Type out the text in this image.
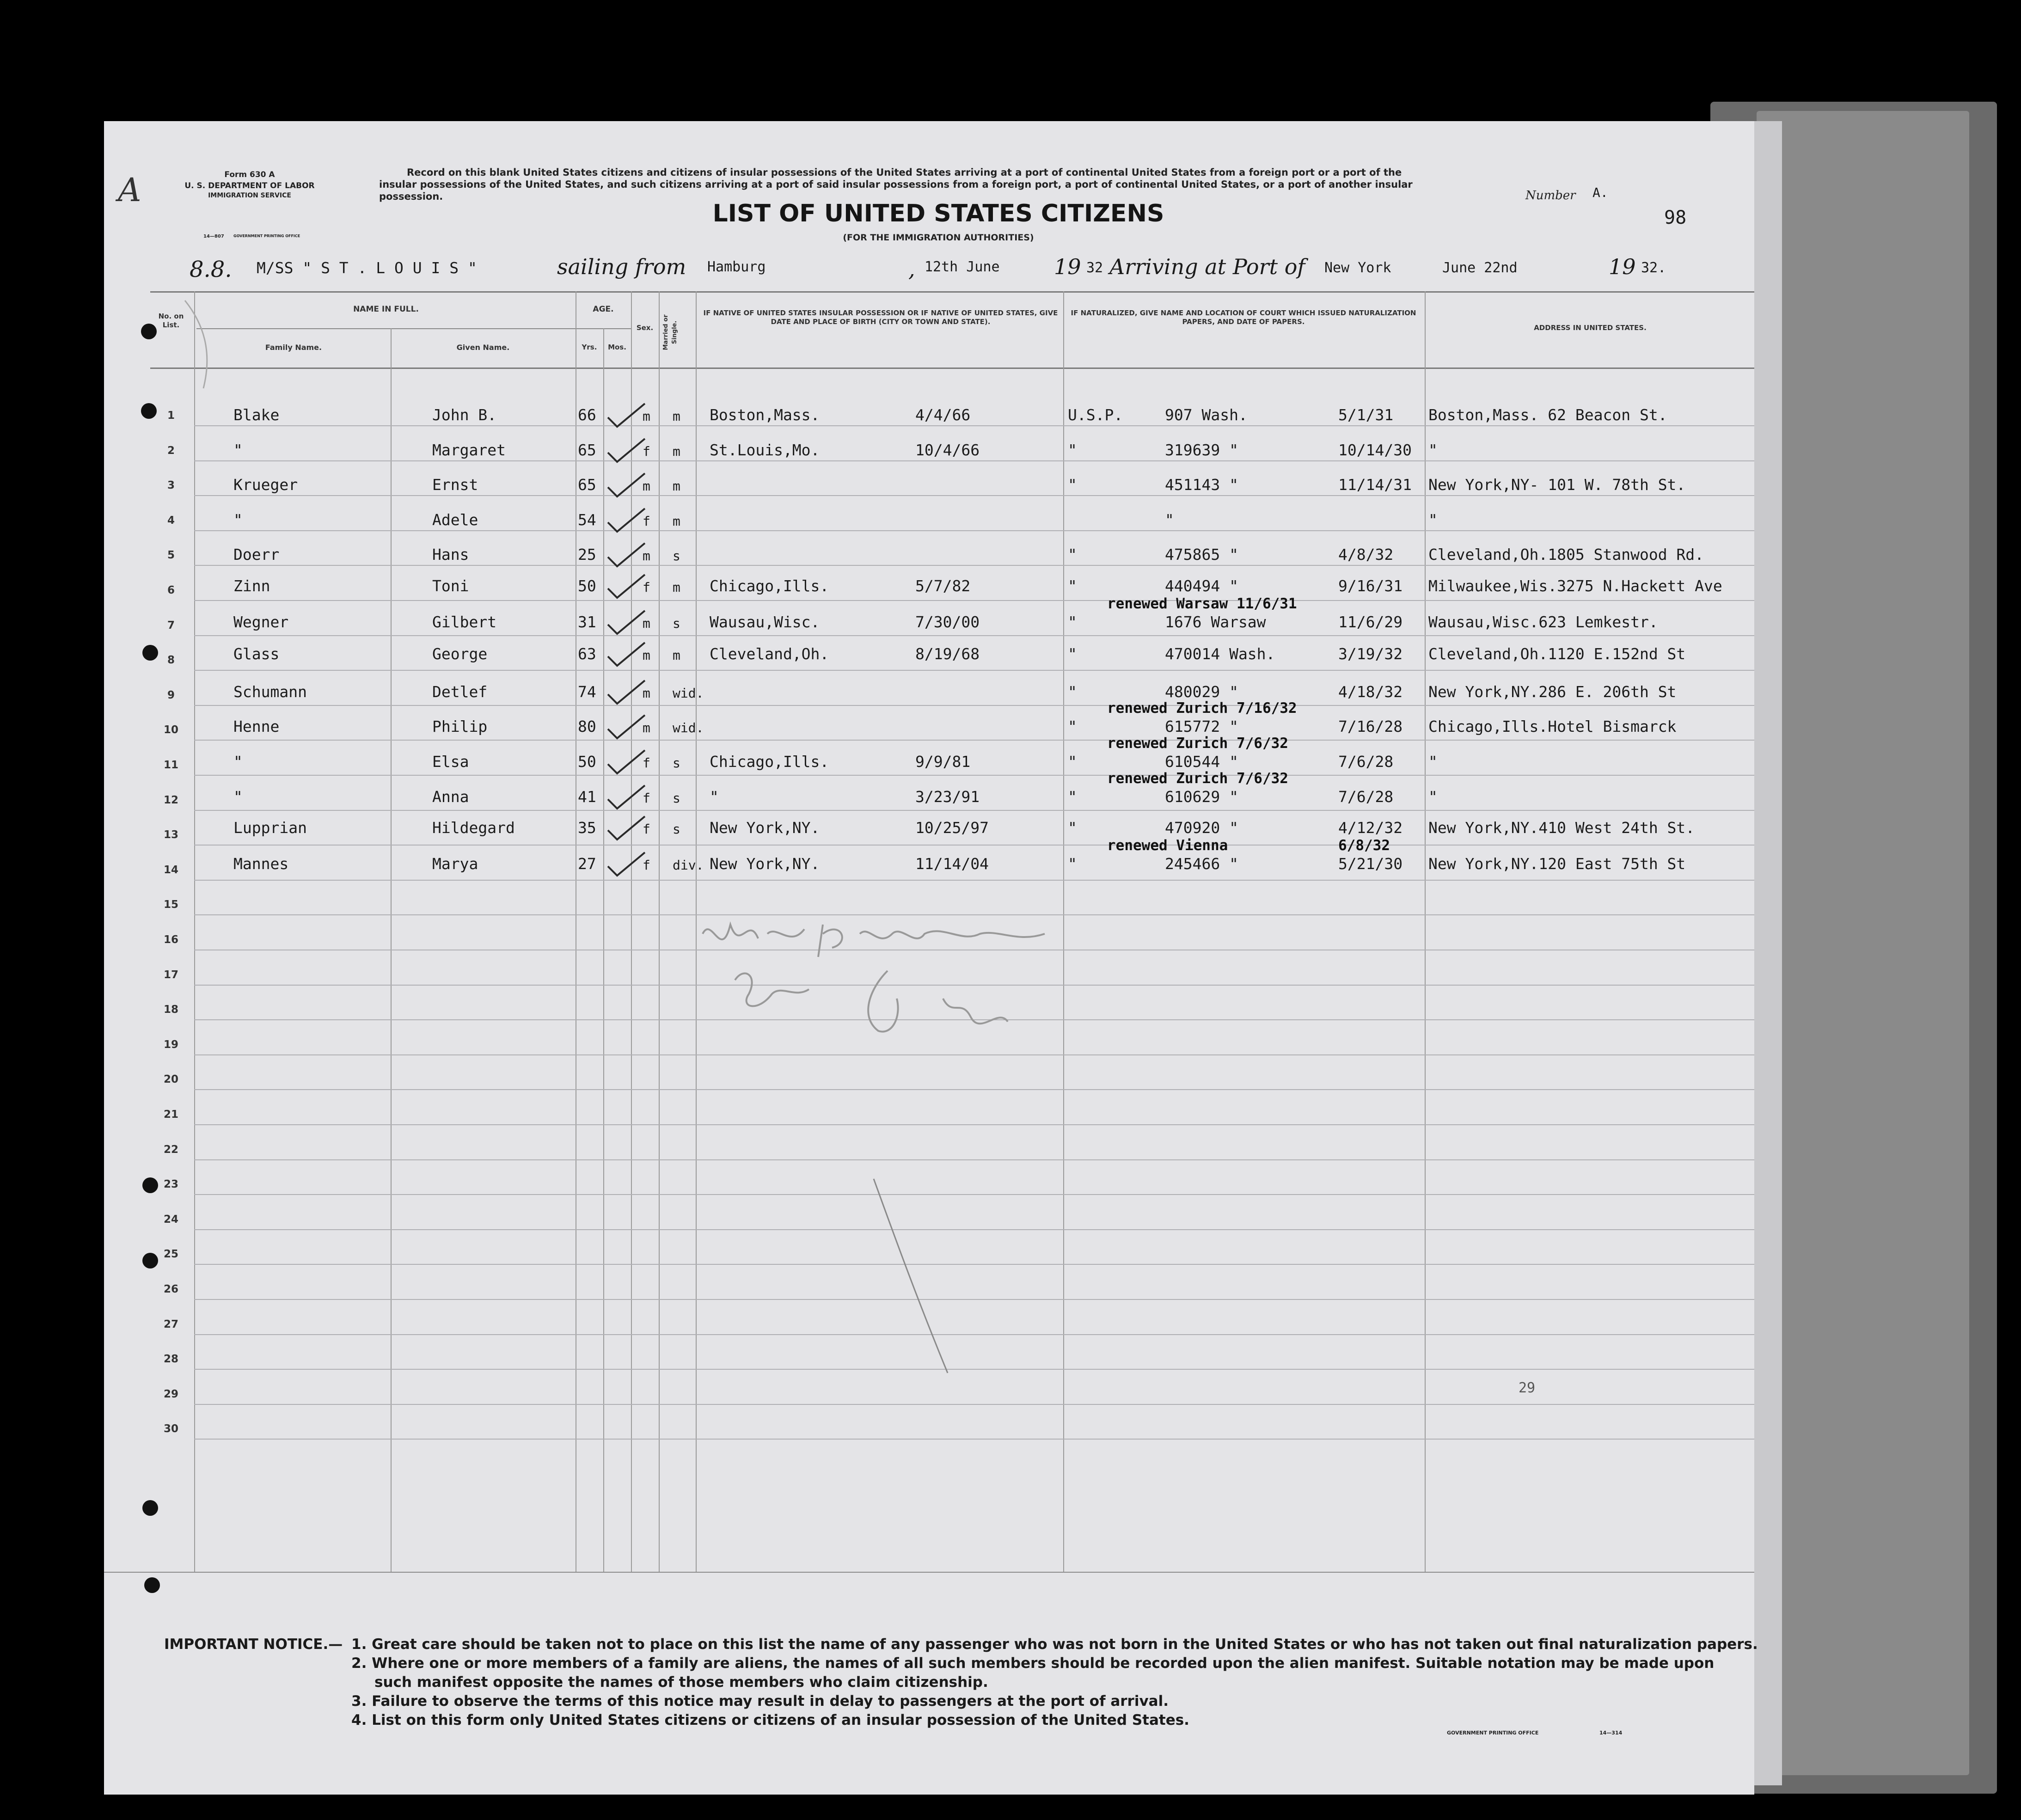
A	Form 630 A
U. S. DEPARTMENT OF LABOR
IMMIGRATION SERVICE
14—807	GOVERNMENT PRINTING OFFICE
Record on this blank United States citizens and citizens of insular possessions of the United States arriving at a port of continental United States from a foreign port or a port of the insular possessions of the United States, and such citizens arriving at a port of said insular possessions from a foreign port, a port of continental United States, or a port of another insular possession.
LIST OF UNITED STATES CITIZENS
(FOR THE IMMIGRATION AUTHORITIES)
Number A.
98
8.8. M/SS " S T . L O U I S "	sailing from Hamburg	, 12th June	19 32 Arriving at Port of New York	June 22nd	19 32.
No. on List.
NAME IN FULL.
Family Name.	Given Name.
AGE.
Yrs.	Mos.
Sex.	Married or Single.
IF NATIVE OF UNITED STATES INSULAR POSSESSION OR IF NATIVE OF UNITED STATES, GIVE DATE AND PLACE OF BIRTH (CITY OR TOWN AND STATE).
IF NATURALIZED, GIVE NAME AND LOCATION OF COURT WHICH ISSUED NATURALIZATION PAPERS, AND DATE OF PAPERS.
ADDRESS IN UNITED STATES.
1
2
3
4
5
6
7
8
9
10
11
12
13
14
15
16
17
18
19
20
21
22
23
24
25
26
27
28
29
30
Blake	John B.	66	m m Boston,Mass.	4/4/66	U.S.P.	907 Wash.	5/1/31 Boston,Mass. 62 Beacon St.
"	Margaret	65	f m St.Louis,Mo.	10/4/66	"	319639 "	10/14/30 "
Krueger	Ernst	65	m m	"	451143 "	11/14/31 New York,NY- 101 W. 78th St.
"	Adele	54	f m	"	"
Doerr	Hans	25	m s	"	475865 "	4/8/32 Cleveland,Oh.1805 Stanwood Rd.
Zinn	Toni	50	f m Chicago,Ills.	5/7/82	"	440494 "	9/16/31 Milwaukee,Wis.3275 N.Hackett Ave
Wegner	Gilbert	31	m s Wausau,Wisc.	7/30/00	"	1676 Warsaw	11/6/29 Wausau,Wisc.623 Lemkestr.
renewed Warsaw 11/6/31
Glass	George	63	m m Cleveland,Oh.	8/19/68	"	470014 Wash.	3/19/32 Cleveland,Oh.1120 E.152nd St
Schumann	Detlef	74	m wid.	"	480029 "	4/18/32 New York,NY.286 E. 206th St
Henne	Philip	80	m wid.	"	615772 "	7/16/28 Chicago,Ills.Hotel Bismarck
renewed Zurich 7/16/32
"	Elsa	50	f s Chicago,Ills.	9/9/81	"	610544 "	7/6/28 "
renewed Zurich 7/6/32
"	Anna	41	f s "	3/23/91	"	610629 "	7/6/28 "
renewed Zurich 7/6/32
Lupprian	Hildegard	35	f s New York,NY.	10/25/97	"	470920 "	4/12/32 New York,NY.410 West 24th St.
Mannes	Marya	27	f div. New York,NY.	11/14/04	"	245466 "	5/21/30 New York,NY.120 East 75th St
renewed Vienna	6/8/32
29
IMPORTANT NOTICE.— 1. Great care should be taken not to place on this list the name of any passenger who was not born in the United States or who has not taken out final naturalization papers.
2. Where one or more members of a family are aliens, the names of all such members should be recorded upon the alien manifest. Suitable notation may be made upon
such manifest opposite the names of those members who claim citizenship.
3. Failure to observe the terms of this notice may result in delay to passengers at the port of arrival.
4. List on this form only United States citizens or citizens of an insular possession of the United States.
GOVERNMENT PRINTING OFFICE	14—314
